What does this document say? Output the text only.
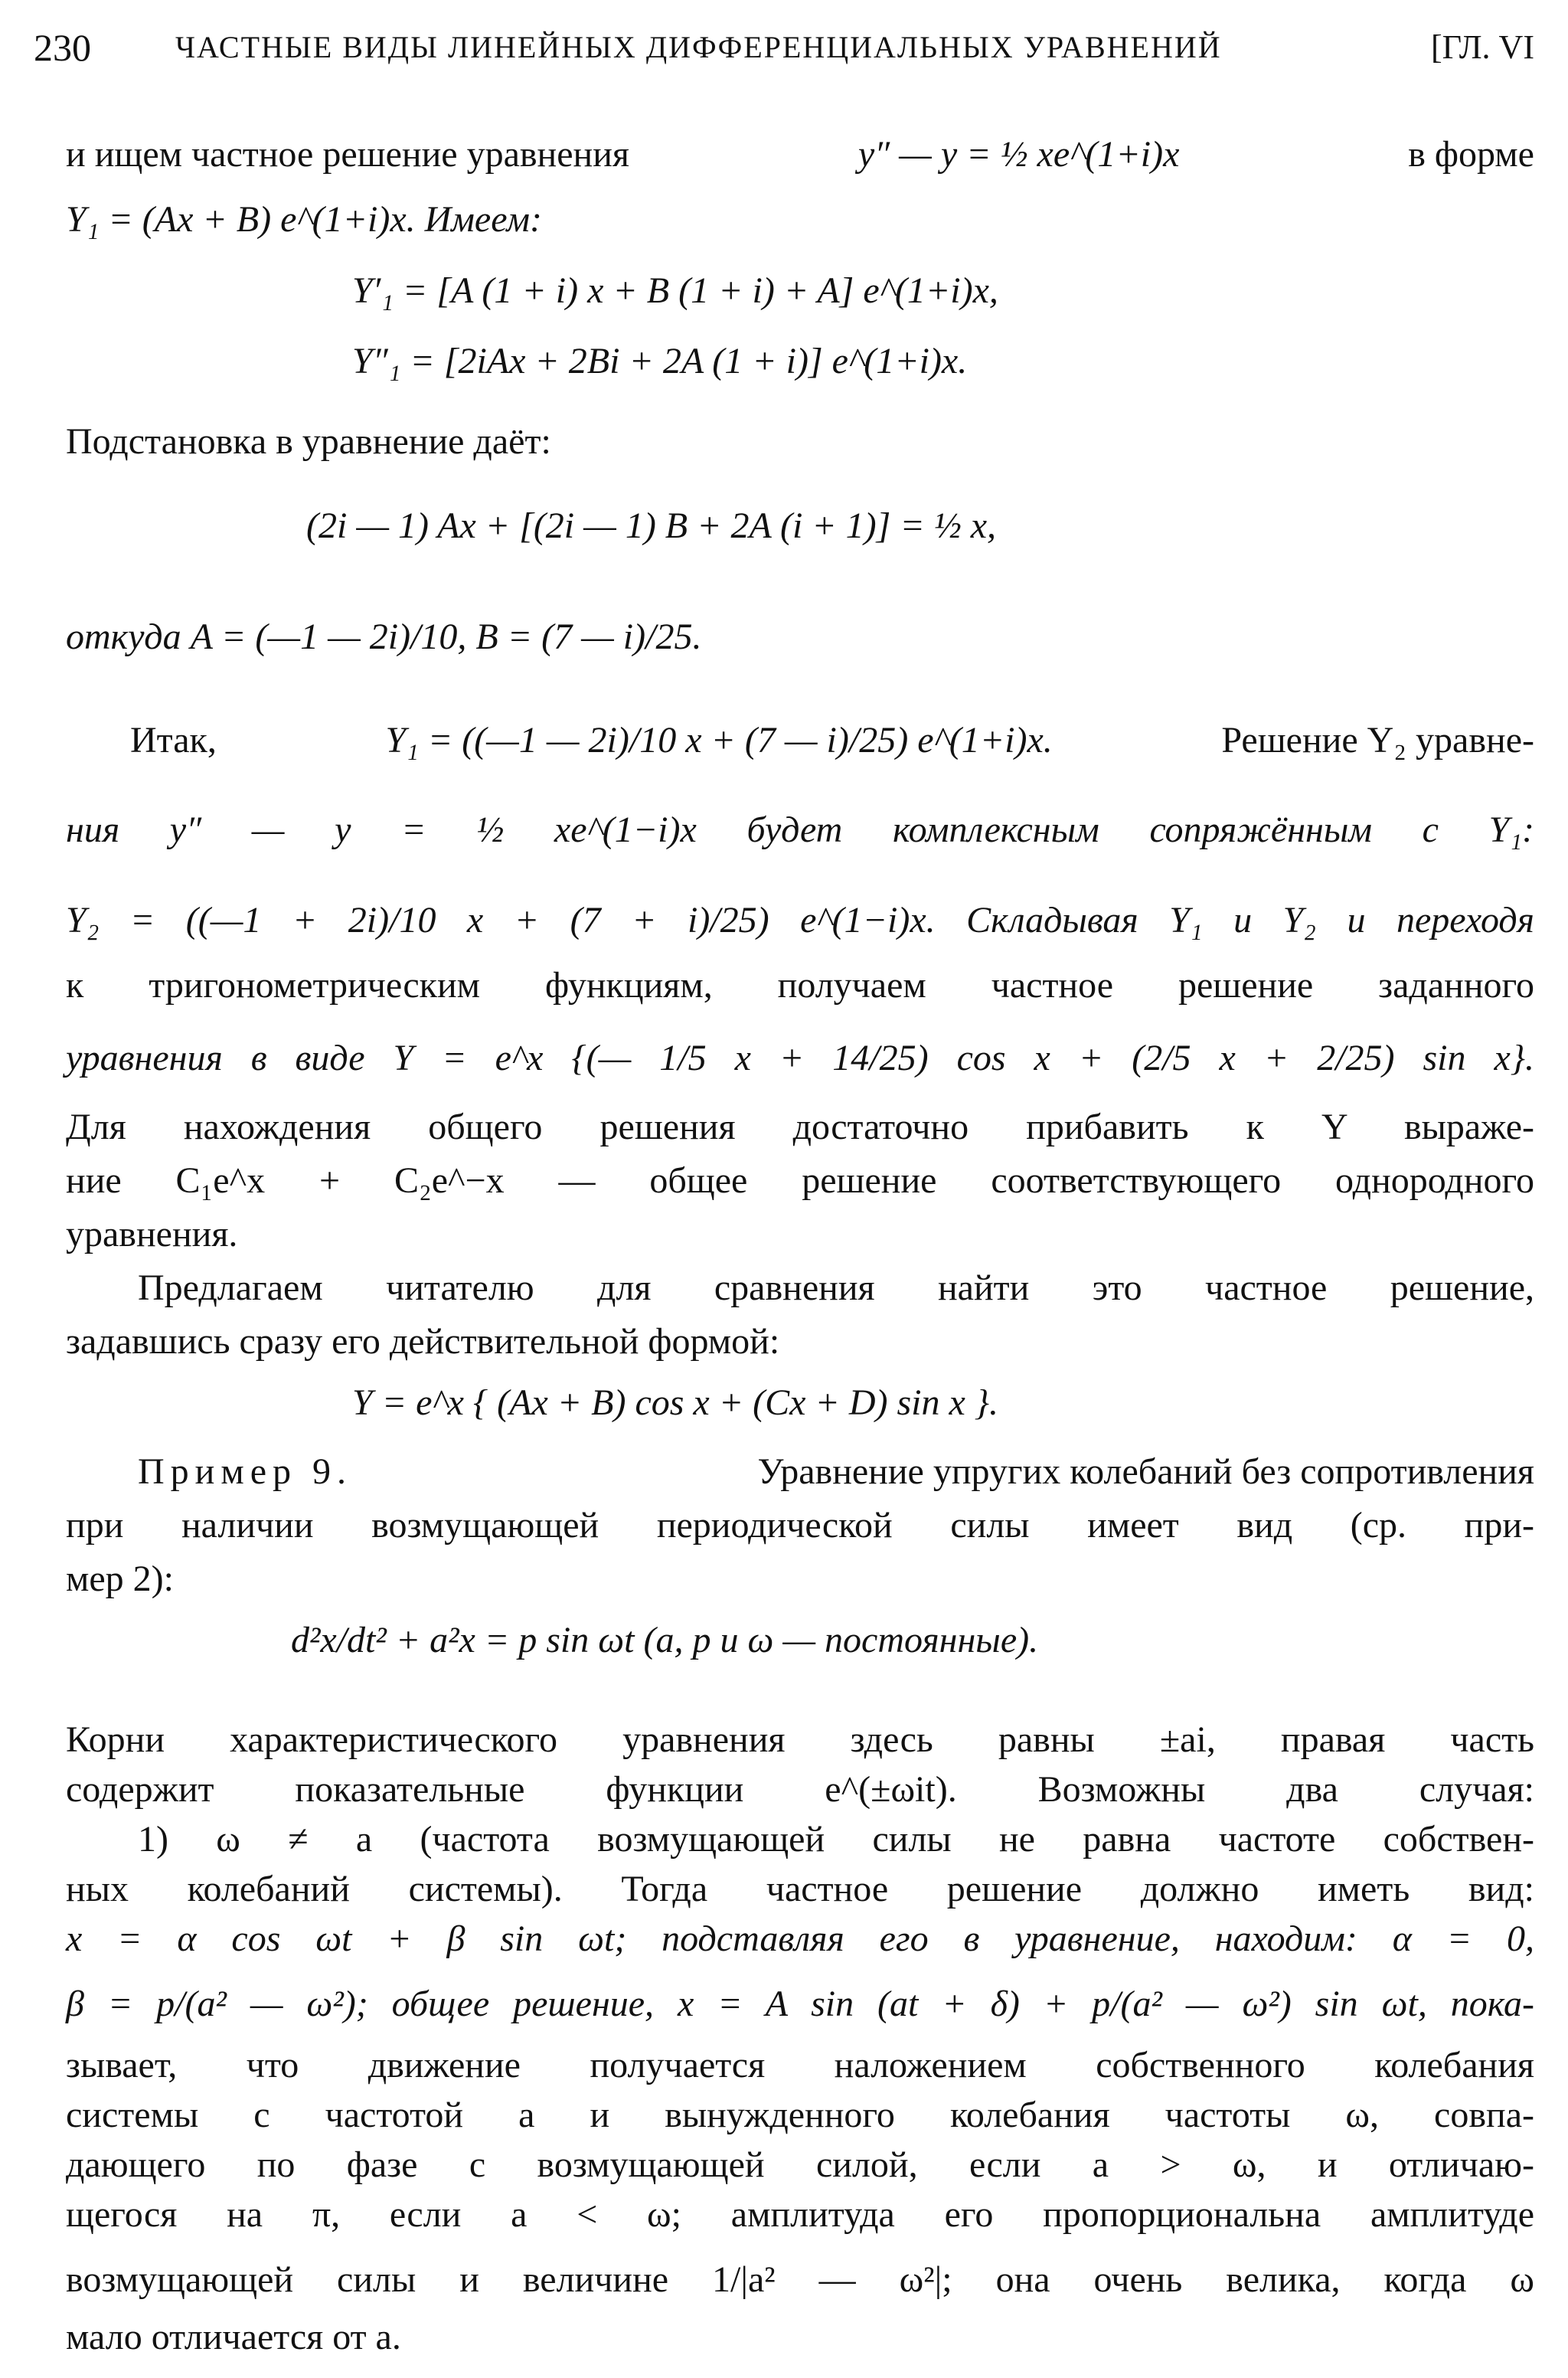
230	ЧАСТНЫЕ ВИДЫ ЛИНЕЙНЫХ ДИФФЕРЕНЦИАЛЬНЫХ УРАВНЕНИЙ	[ГЛ. VI
и ищем частное решение уравнения	y″ — y = ½ xe^(1+i)x	в форме
Y₁ = (Ax + B) e^(1+i)x. Имеем:
Y′₁ = [A (1 + i) x + B (1 + i) + A] e^(1+i)x,
Y″₁ = [2iAx + 2Bi + 2A (1 + i)] e^(1+i)x.
Подстановка в уравнение даёт:
(2i — 1) Ax + [(2i — 1) B + 2A (i + 1)] = ½ x,
откуда A = (—1 — 2i)/10, B = (7 — i)/25.
Итак,	Y₁ = ((—1 — 2i)/10 x + (7 — i)/25) e^(1+i)x.	Решение Y₂ уравне-
ния y″ — y = ½ xe^(1−i)x будет комплексным сопряжённым с Y₁:
Y₂ = ((—1 + 2i)/10 x + (7 + i)/25) e^(1−i)x. Складывая Y₁ и Y₂ и переходя
к тригонометрическим функциям, получаем частное решение заданного
уравнения в виде Y = e^x {(— 1/5 x + 14/25) cos x + (2/5 x + 2/25) sin x}.
Для нахождения общего решения достаточно прибавить к Y выраже-
ние C₁e^x + C₂e^−x — общее решение соответствующего однородного
уравнения.
Предлагаем читателю для сравнения найти это частное решение,
задавшись сразу его действительной формой:
Y = e^x { (Ax + B) cos x + (Cx + D) sin x }.
Пример 9.	Уравнение упругих колебаний без сопротивления
при наличии возмущающей периодической силы имеет вид (ср. при-
мер 2):
d²x/dt² + a²x = p sin ωt (a, p и ω — постоянные).
Корни характеристического уравнения здесь равны ±ai, правая часть
содержит показательные функции e^(±ωit). Возможны два случая:
1) ω ≠ a (частота возмущающей силы не равна частоте собствен-
ных колебаний системы). Тогда частное решение должно иметь вид:
x = α cos ωt + β sin ωt; подставляя его в уравнение, находим: α = 0,
β = p/(a² — ω²); общее решение, x = A sin (at + δ) + p/(a² — ω²) sin ωt, пока-
зывает, что движение получается наложением собственного колебания
системы с частотой a и вынужденного колебания частоты ω, совпа-
дающего по фазе с возмущающей силой, если a > ω, и отличаю-
щегося на π, если a < ω; амплитуда его пропорциональна амплитуде
возмущающей силы и величине 1/|a² — ω²|; она очень велика, когда ω
мало отличается от a.
